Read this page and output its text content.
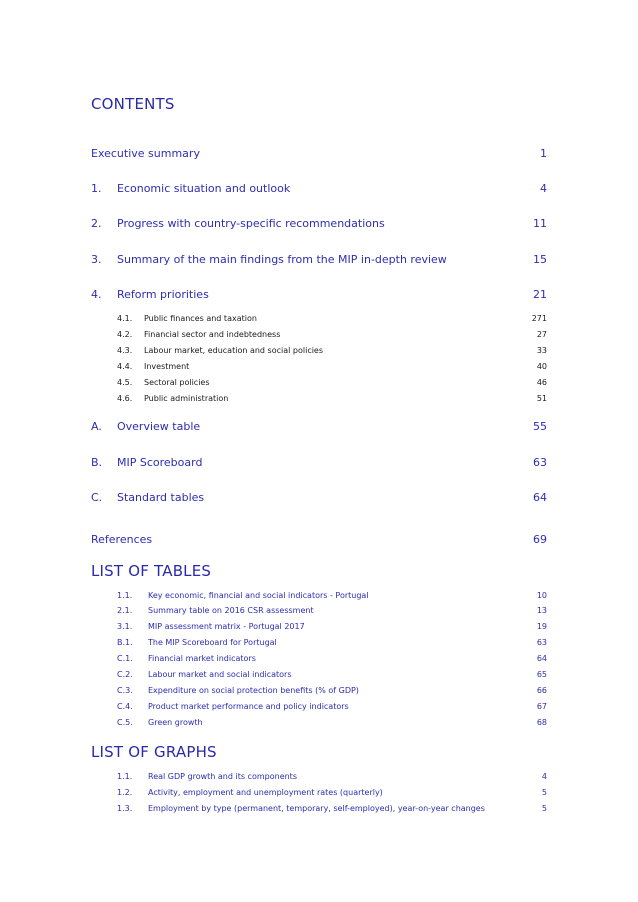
CONTENTS
Executive summary	1
1.	Economic situation and outlook	4
2.	Progress with country-specific recommendations	11
3.	Summary of the main findings from the MIP in-depth review	15
4.	Reform priorities	21
4.1.	Public finances and taxation	271
4.2.	Financial sector and indebtedness	27
4.3.	Labour market, education and social policies	33
4.4.	Investment	40
4.5.	Sectoral policies	46
4.6.	Public administration	51
A.	Overview table	55
B.	MIP Scoreboard	63
C.	Standard tables	64
References	69
LIST OF TABLES
1.1.	Key economic, financial and social indicators - Portugal	10
2.1.	Summary table on 2016 CSR assessment	13
3.1.	MIP assessment matrix - Portugal 2017	19
B.1.	The MIP Scoreboard for Portugal	63
C.1.	Financial market indicators	64
C.2.	Labour market and social indicators	65
C.3.	Expenditure on social protection benefits (% of GDP)	66
C.4.	Product market performance and policy indicators	67
C.5.	Green growth	68
LIST OF GRAPHS
1.1.	Real GDP growth and its components	4
1.2.	Activity, employment and unemployment rates (quarterly)	5
1.3.	Employment by type (permanent, temporary, self-employed), year-on-year changes	5
